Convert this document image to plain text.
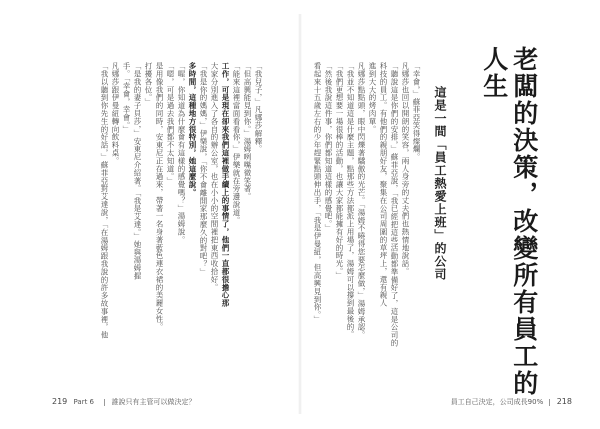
「我兒子，」凡娜莎解釋。

「但高興能見到你。」湯姆咧嘴微笑著。

「能來這裡當面看看你，」伊樂就在旁邊說道。

工作，可是現在卻來我們這裡做手續上的事情了，他們一直都很擔心那

大家分別進入了各自的辦公室，也在小小的空間裡把東西收拾好。

「我是你的媽媽，」伊樂說，「你不會離開家那麼久的對吧？」

多時間，這種地方很特別，她這麼說。

「喔，你知道為什麼會有這樣的感覺嗎？」湯姆說。

「嗯，可是過去我們都不太知道。」

是用像我們的同時，安東尼正在過來，帶著一名身著藍色連衣裙的美麗女性。

打擾各位。」

「是我的妻子貝莎，」安東尼介紹著。「我是艾達。」她與湯姆握

手。「幸會，幸會。」

凡娜莎跟伊曼紐轉向飲料桌。

「我以聽到你先生的好話，」蘇菲亞對艾達說，「在湯姆跟我說的許多故事裡，他

219 Part 6 誰說只有主管可以做決定？
老闆的決策，改變所有員工的人生
這是一間「員工熱愛上班」的公司

「幸會，」蘇菲亞笑得燦爛。

凡娜莎也回以開朗的笑容，兩人身旁的丈夫們也熱情地說話。

「聽說這是你們的安排，」蘇菲亞說，「我已經把這些活動都準備好了，這是公司的

科技的員工。有他們的親朋好友，聚集在公司周圍的草坪上，還有親人

進到大大的烤肉單。

凡娜莎點點頭，眼中閃爍著驕傲的光芒。「湯姆不曉得您要怎麼做，」湯姆承認。

「我並不知道這是什麼主題，點那些方法都派上用場了，湯姆可以撐到最後的。

「我們更想要一場很棒的活動，也讓大家都能擁有好的時光。」

「然後我說這件事，你們都知道這樣的感覺吧。」

看起來十五歲左右的少年趕緊點頭伸出手，「我是伊曼紐，但高興見到你。」

員工自己決定，公司成長90% 218
